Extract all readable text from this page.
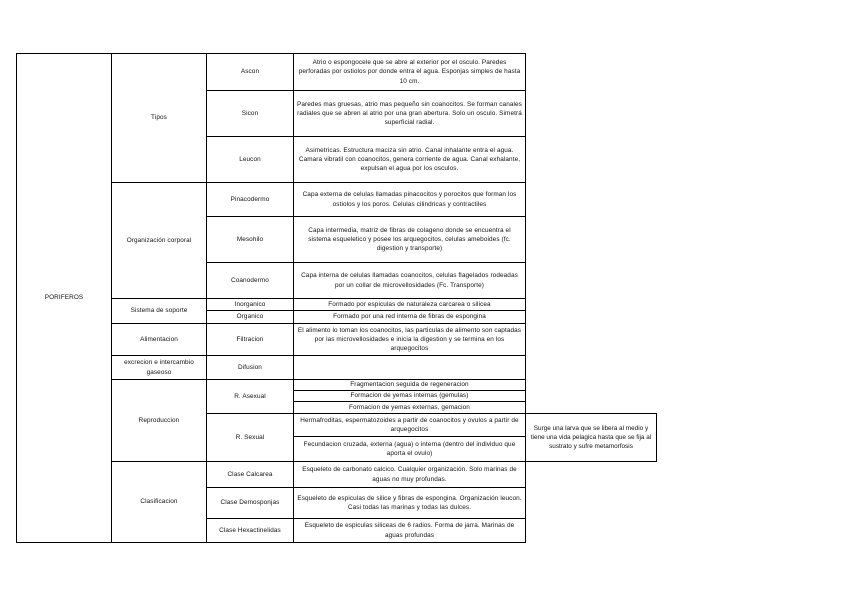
PORIFEROS
Tipos
Organización corporal
Sistema de soporte
Alimentacion
excrecion e intercambio gaseoso
Reproduccion
Clasificacion
Ascon
Sicon
Leucon
Pinacodermo
Mesohilo
Coanodermo
Inorganico
Organico
Filtracion
Difusion
R. Asexual
R. Sexual
Clase Calcarea
Clase Demosponjas
Clase Hexactinelidas
Atrio o espongocele que se abre al exterior por el osculo. Paredes perforadas por ostiolos por donde entra el agua. Esponjas simples de hasta 10 cm.
Paredes mas gruesas, atrio mas pequeño sin coanocitos. Se forman canales radiales que se abren al atrio por una gran abertura. Solo un osculo. Simetrá superficial radial.
Asimetricas. Estructura maciza sin atrio. Canal inhalante entra el agua. Camara vibratil con coanocitos, genera corriente de agua. Canal exhalante, expulsan el agua por los osculos.
Capa externa de celulas llamadas pinacocitos y porocitos que forman los ostiolos y los poros. Celulas cilindricas y contractiles
Capa intermedia, matriz de fibras de colageno donde se encuentra el sistema esqueletico y posee los arquegocitos, celulas ameboides (fc. digestion y transporte)
Capa interna de celulas llamadas coanocitos, celulas flagelados rodeadas por un collar de microvellosidades (Fc. Transporte)
Formado por espiculas de naturaleza carcarea o silicea
Formado por una red interna de fibras de espongina
El alimento lo toman los coanocitos, las particulas de alimento son captadas por las microvellosidades e inicia la digestion y se termina en los arquegocitos
Fragmentacion seguida de regeneracion
Formacion de yemas internas (gemulas)
Formacion de yemas externas, gemacion
Hermafroditas, espermatozoides a partir de coanocitos y ovulos a partir de arquegocitos
Fecundacion cruzada, externa (agua) o interna (dentro del individuo que aporta el ovulo)
Esqueleto de carbonato calcico. Cualquier organización. Solo marinas de aguas no muy profundas.
Esqueleto de espiculas de silice y fibras de espongina. Organización leucon. Casi todas las marinas y todas las dulces.
Esqueleto de espiculas siliceas de 6 radios. Forma de jarra. Marinas de aguas profundas
Surge una larva que se libera al medio y tiene una vida pelagica hasta que se fija al sustrato y sufre metamorfosis
